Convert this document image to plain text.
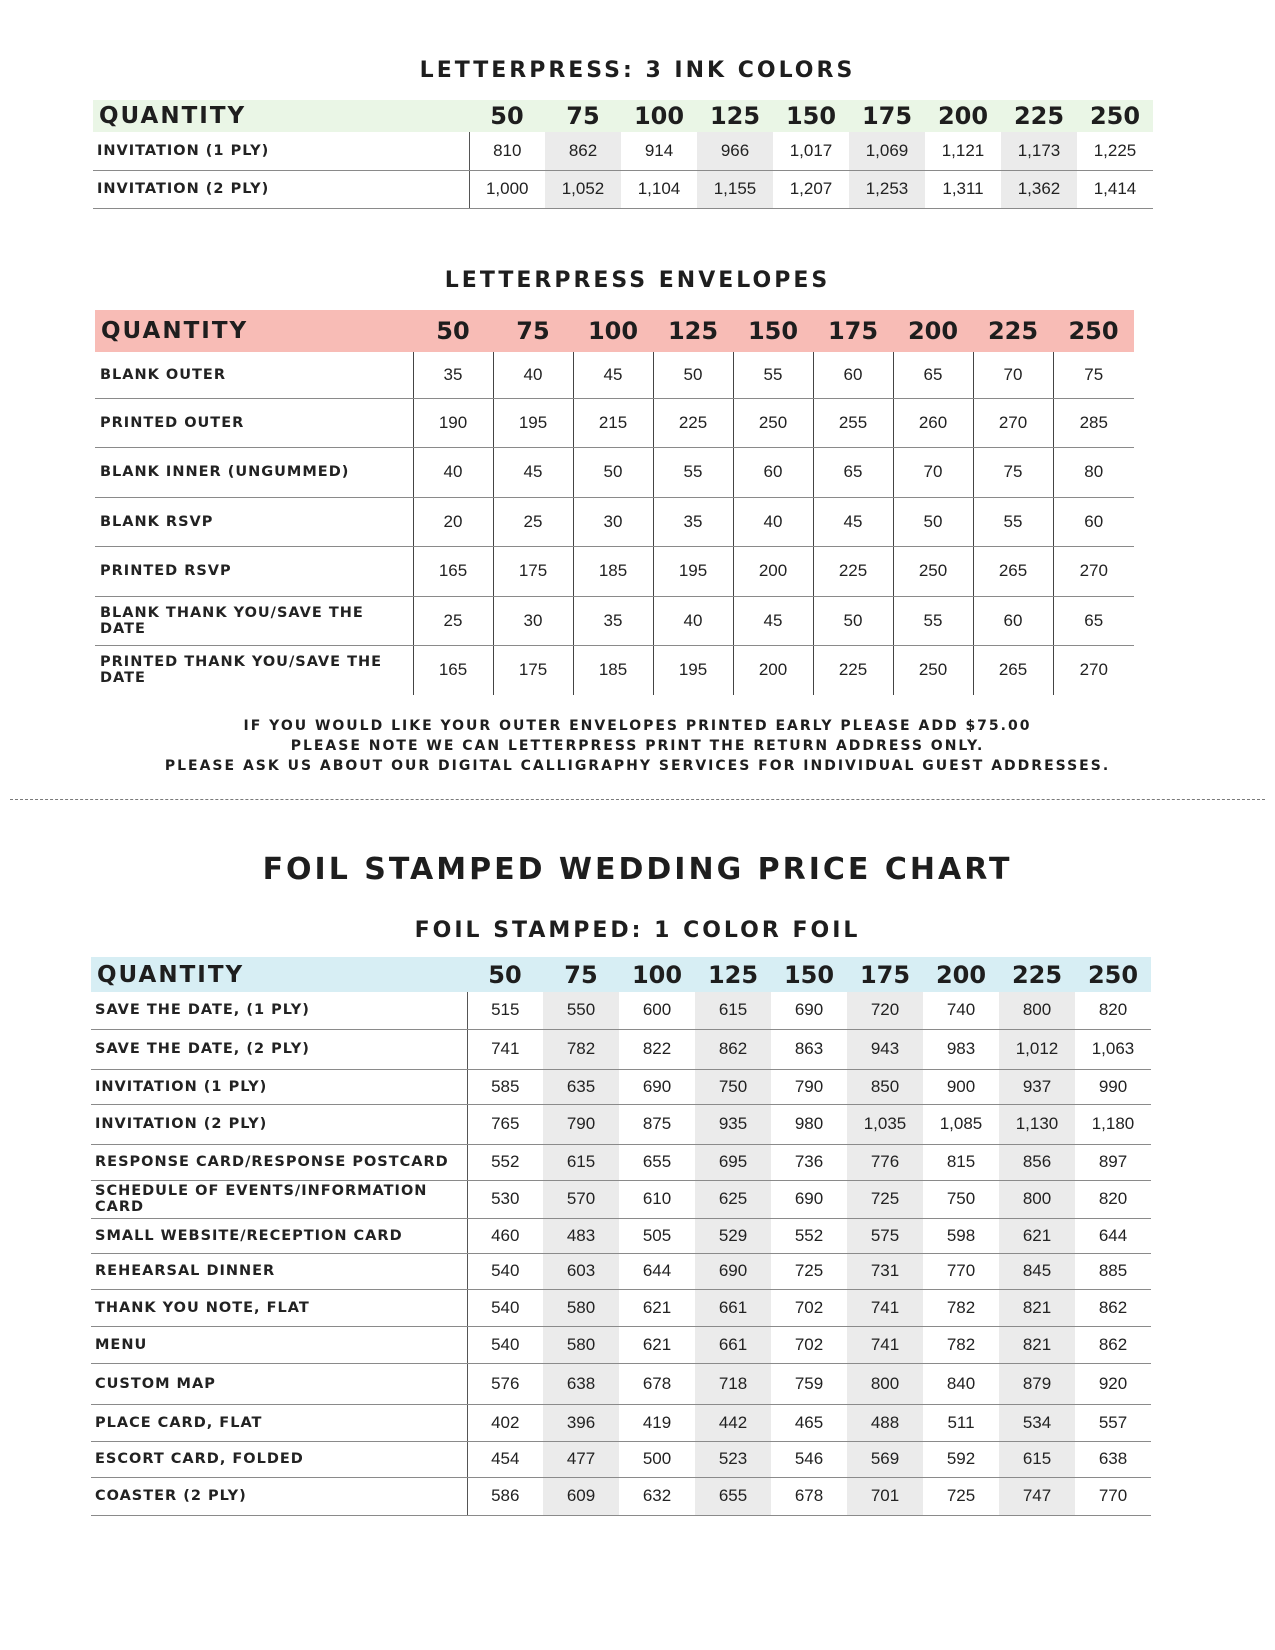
LETTERPRESS: 3 INK COLORS
QUANTITY	50	75	100	125	150	175	200	225	250
INVITATION (1 PLY)	810	862	914	966	1,017	1,069	1,121	1,173	1,225
INVITATION (2 PLY)	1,000	1,052	1,104	1,155	1,207	1,253	1,311	1,362	1,414
LETTERPRESS ENVELOPES
QUANTITY	50	75	100	125	150	175	200	225	250
BLANK OUTER	35	40	45	50	55	60	65	70	75
PRINTED OUTER	190	195	215	225	250	255	260	270	285
BLANK INNER (UNGUMMED)	40	45	50	55	60	65	70	75	80
BLANK RSVP	20	25	30	35	40	45	50	55	60
PRINTED RSVP	165	175	185	195	200	225	250	265	270
BLANK THANK YOU/SAVE THE DATE	25	30	35	40	45	50	55	60	65
PRINTED THANK YOU/SAVE THE DATE	165	175	185	195	200	225	250	265	270
IF YOU WOULD LIKE YOUR OUTER ENVELOPES PRINTED EARLY PLEASE ADD $75.00
PLEASE NOTE WE CAN LETTERPRESS PRINT THE RETURN ADDRESS ONLY.
PLEASE ASK US ABOUT OUR DIGITAL CALLIGRAPHY SERVICES FOR INDIVIDUAL GUEST ADDRESSES.
FOIL STAMPED WEDDING PRICE CHART
FOIL STAMPED: 1 COLOR FOIL
QUANTITY	50	75	100	125	150	175	200	225	250
SAVE THE DATE, (1 PLY)	515	550	600	615	690	720	740	800	820
SAVE THE DATE, (2 PLY)	741	782	822	862	863	943	983	1,012	1,063
INVITATION (1 PLY)	585	635	690	750	790	850	900	937	990
INVITATION (2 PLY)	765	790	875	935	980	1,035	1,085	1,130	1,180
RESPONSE CARD/RESPONSE POSTCARD	552	615	655	695	736	776	815	856	897
SCHEDULE OF EVENTS/INFORMATION CARD	530	570	610	625	690	725	750	800	820
SMALL WEBSITE/RECEPTION CARD	460	483	505	529	552	575	598	621	644
REHEARSAL DINNER	540	603	644	690	725	731	770	845	885
THANK YOU NOTE, FLAT	540	580	621	661	702	741	782	821	862
MENU	540	580	621	661	702	741	782	821	862
CUSTOM MAP	576	638	678	718	759	800	840	879	920
PLACE CARD, FLAT	402	396	419	442	465	488	511	534	557
ESCORT CARD, FOLDED	454	477	500	523	546	569	592	615	638
COASTER (2 PLY)	586	609	632	655	678	701	725	747	770
